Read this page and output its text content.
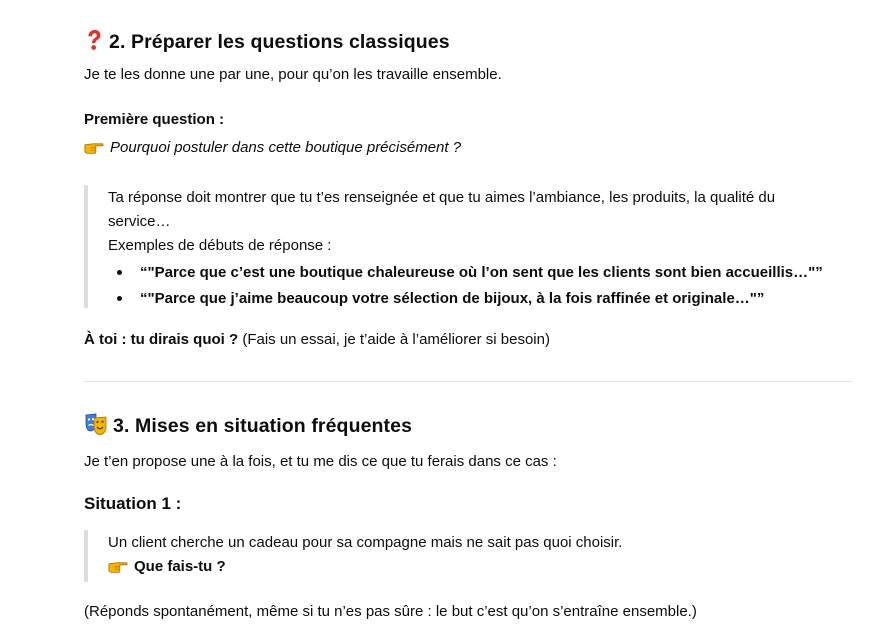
2. Préparer les questions classiques
Je te les donne une par une, pour qu’on les travaille ensemble.
Première question :
Pourquoi postuler dans cette boutique précisément ?
Ta réponse doit montrer que tu t’es renseignée et que tu aimes l’ambiance, les produits, la qualité du
service…
Exemples de débuts de réponse :
“"Parce que c’est une boutique chaleureuse où l’on sent que les clients sont bien accueillis…"”
“"Parce que j’aime beaucoup votre sélection de bijoux, à la fois raffinée et originale…"”
À toi : tu dirais quoi ? (Fais un essai, je t’aide à l’améliorer si besoin)
3. Mises en situation fréquentes
Je t’en propose une à la fois, et tu me dis ce que tu ferais dans ce cas :
Situation 1 :
Un client cherche un cadeau pour sa compagne mais ne sait pas quoi choisir.
Que fais-tu ?
(Réponds spontanément, même si tu n’es pas sûre : le but c’est qu’on s’entraîne ensemble.)
